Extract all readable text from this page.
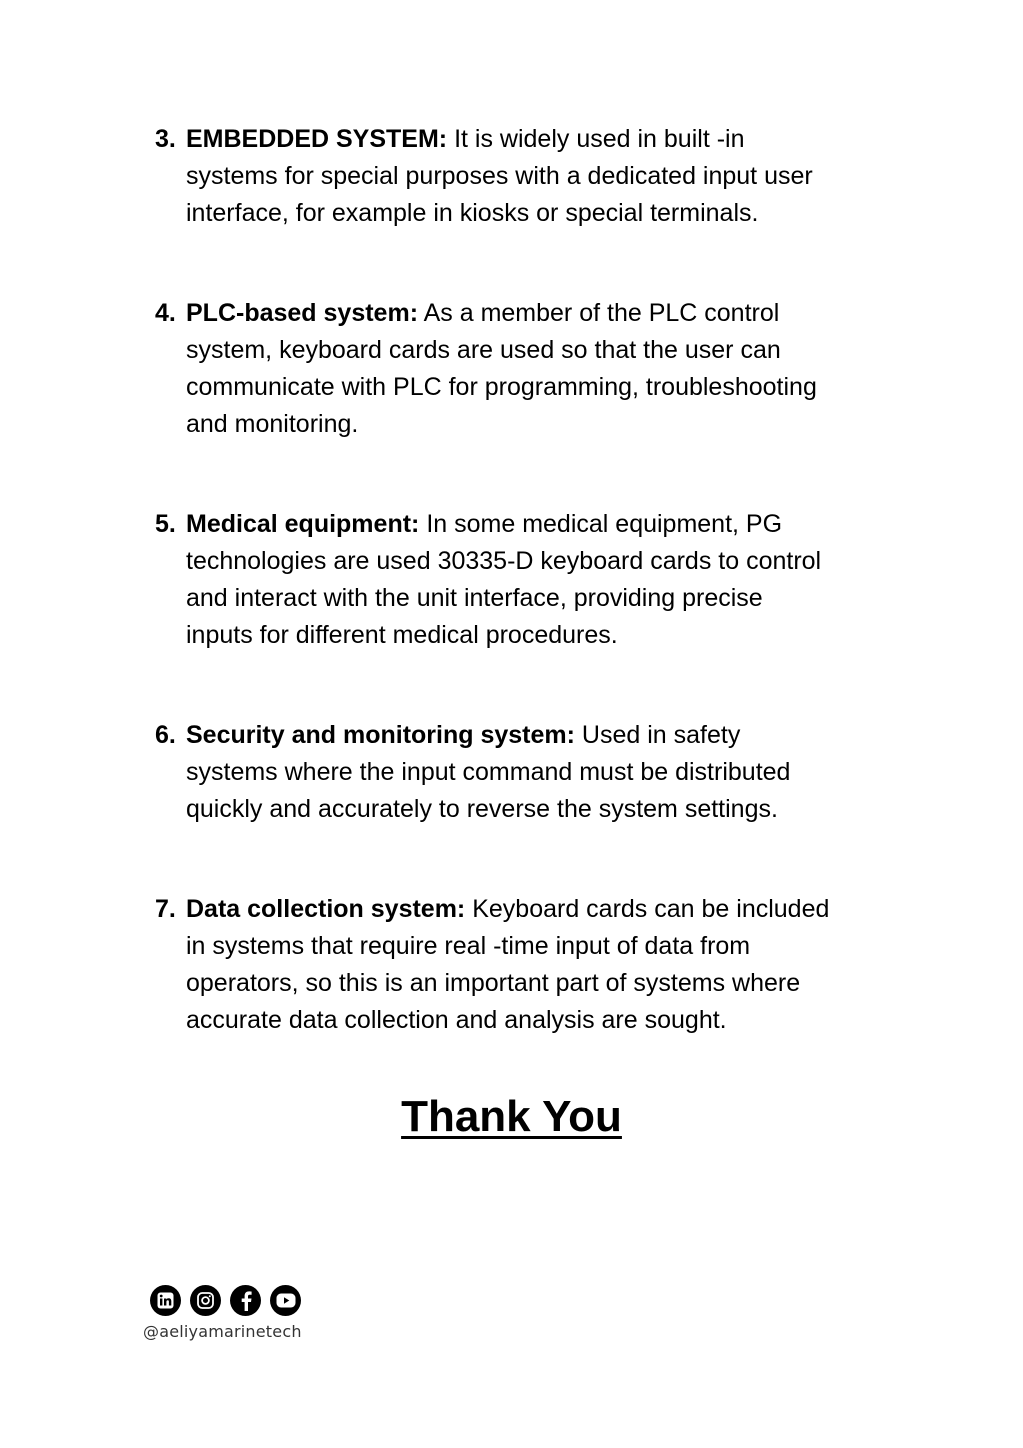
3. EMBEDDED SYSTEM: It is widely used in built -in
systems for special purposes with a dedicated input user
interface, for example in kiosks or special terminals.
4. PLC-based system: As a member of the PLC control
system, keyboard cards are used so that the user can
communicate with PLC for programming, troubleshooting
and monitoring.
5. Medical equipment: In some medical equipment, PG
technologies are used 30335-D keyboard cards to control
and interact with the unit interface, providing precise
inputs for different medical procedures.
6. Security and monitoring system: Used in safety
systems where the input command must be distributed
quickly and accurately to reverse the system settings.
7. Data collection system: Keyboard cards can be included
in systems that require real -time input of data from
operators, so this is an important part of systems where
accurate data collection and analysis are sought.
Thank You
@aeliyamarinetech
